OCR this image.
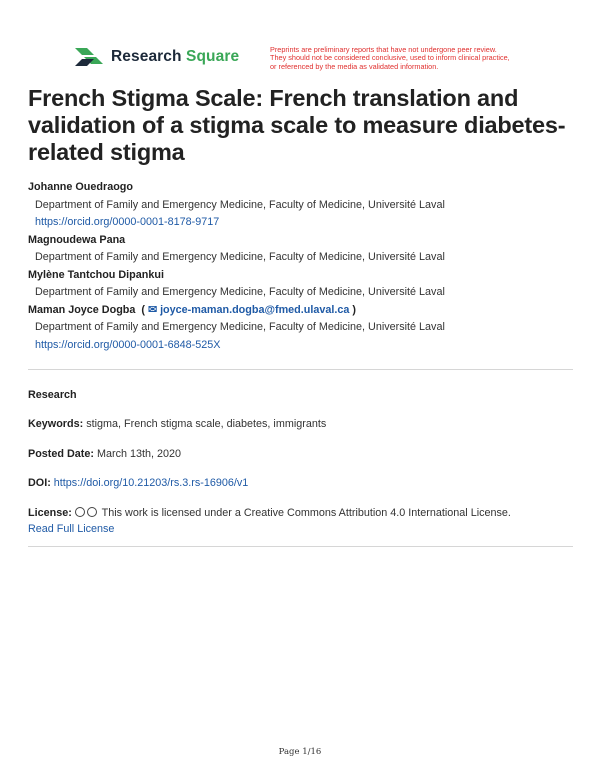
Research Square	Preprints are preliminary reports that have not undergone peer review.
They should not be considered conclusive, used to inform clinical practice,
or referenced by the media as validated information.
French Stigma Scale: French translation and validation of a stigma scale to measure diabetes-related stigma
Johanne Ouedraogo
Department of Family and Emergency Medicine, Faculty of Medicine, Université Laval
https://orcid.org/0000-0001-8178-9717
Magnoudewa Pana
Department of Family and Emergency Medicine, Faculty of Medicine, Université Laval
Mylène Tantchou Dipankui
Department of Family and Emergency Medicine, Faculty of Medicine, Université Laval
Maman Joyce Dogba  ( ✉ joyce-maman.dogba@fmed.ulaval.ca )
Department of Family and Emergency Medicine, Faculty of Medicine, Université Laval
https://orcid.org/0000-0001-6848-525X
Research
Keywords: stigma, French stigma scale, diabetes, immigrants
Posted Date: March 13th, 2020
DOI: https://doi.org/10.21203/rs.3.rs-16906/v1
License:	This work is licensed under a Creative Commons Attribution 4.0 International License.
Read Full License
Page 1/16
